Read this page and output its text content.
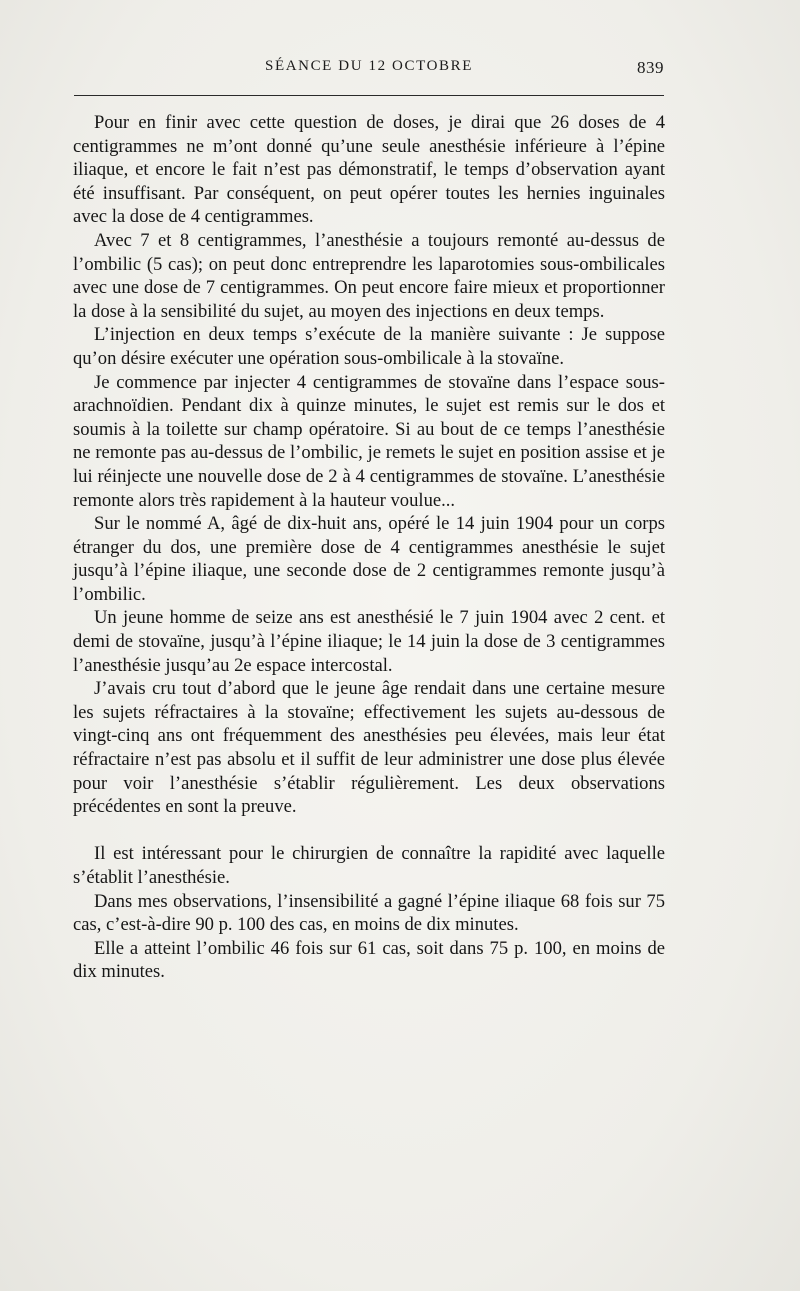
SÉANCE DU 12 OCTOBRE	839

Pour en finir avec cette question de doses, je dirai que 26 doses de 4 centigrammes ne m’ont donné qu’une seule anesthésie inférieure à l’épine iliaque, et encore le fait n’est pas démonstratif, le temps d’observation ayant été insuffisant. Par conséquent, on peut opérer toutes les hernies inguinales avec la dose de 4 centigrammes.

Avec 7 et 8 centigrammes, l’anesthésie a toujours remonté au-dessus de l’ombilic (5 cas); on peut donc entreprendre les laparotomies sous-ombilicales avec une dose de 7 centigrammes. On peut encore faire mieux et proportionner la dose à la sensibilité du sujet, au moyen des injections en deux temps.

L’injection en deux temps s’exécute de la manière suivante : Je suppose qu’on désire exécuter une opération sous-ombilicale à la stovaïne.

Je commence par injecter 4 centigrammes de stovaïne dans l’espace sous-arachnoïdien. Pendant dix à quinze minutes, le sujet est remis sur le dos et soumis à la toilette sur champ opératoire. Si au bout de ce temps l’anesthésie ne remonte pas au-dessus de l’ombilic, je remets le sujet en position assise et je lui réinjecte une nouvelle dose de 2 à 4 centigrammes de stovaïne. L’anesthésie remonte alors très rapidement à la hauteur voulue...

Sur le nommé A, âgé de dix-huit ans, opéré le 14 juin 1904 pour un corps étranger du dos, une première dose de 4 centigrammes anesthésie le sujet jusqu’à l’épine iliaque, une seconde dose de 2 centigrammes remonte jusqu’à l’ombilic.

Un jeune homme de seize ans est anesthésié le 7 juin 1904 avec 2 cent. et demi de stovaïne, jusqu’à l’épine iliaque; le 14 juin la dose de 3 centigrammes l’anesthésie jusqu’au 2e espace intercostal.

J’avais cru tout d’abord que le jeune âge rendait dans une certaine mesure les sujets réfractaires à la stovaïne; effectivement les sujets au-dessous de vingt-cinq ans ont fréquemment des anesthésies peu élevées, mais leur état réfractaire n’est pas absolu et il suffit de leur administrer une dose plus élevée pour voir l’anesthésie s’établir régulièrement. Les deux observations précédentes en sont la preuve.

Il est intéressant pour le chirurgien de connaître la rapidité avec laquelle s’établit l’anesthésie.

Dans mes observations, l’insensibilité a gagné l’épine iliaque 68 fois sur 75 cas, c’est-à-dire 90 p. 100 des cas, en moins de dix minutes.

Elle a atteint l’ombilic 46 fois sur 61 cas, soit dans 75 p. 100, en moins de dix minutes.
